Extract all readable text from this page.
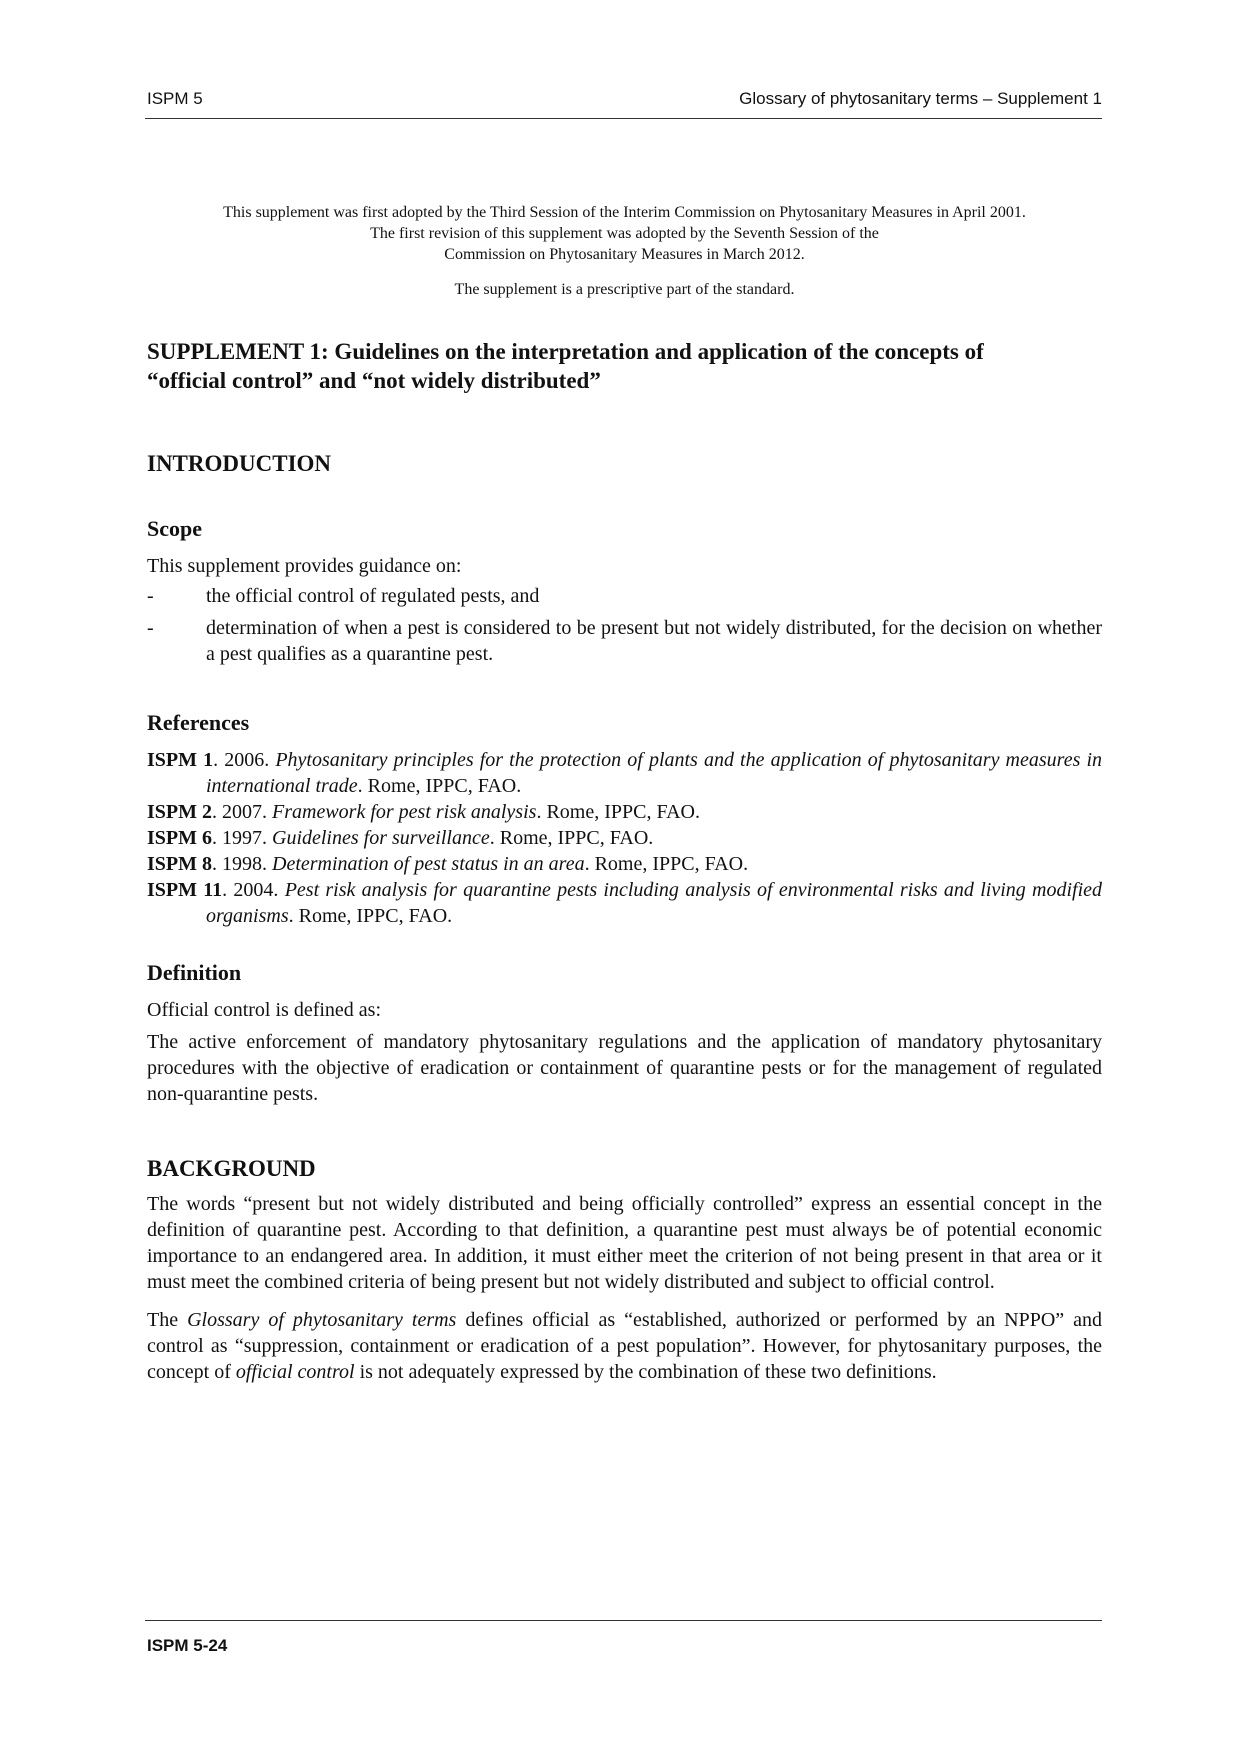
ISPM 5	Glossary of phytosanitary terms – Supplement 1

This supplement was first adopted by the Third Session of the Interim Commission on Phytosanitary Measures in April 2001.

The first revision of this supplement was adopted by the Seventh Session of the

Commission on Phytosanitary Measures in March 2012.

The supplement is a prescriptive part of the standard.

SUPPLEMENT 1: Guidelines on the interpretation and application of the concepts of
“official control” and “not widely distributed”
INTRODUCTION
Scope

This supplement provides guidance on:

-	the official control of regulated pests, and
-	determination of when a pest is considered to be present but not widely distributed, for the decision on whether a pest qualifies as a quarantine pest.
References

ISPM 1. 2006. Phytosanitary principles for the protection of plants and the application of phytosanitary measures in international trade. Rome, IPPC, FAO.

ISPM 2. 2007. Framework for pest risk analysis. Rome, IPPC, FAO.

ISPM 6. 1997. Guidelines for surveillance. Rome, IPPC, FAO.

ISPM 8. 1998. Determination of pest status in an area. Rome, IPPC, FAO.

ISPM 11. 2004. Pest risk analysis for quarantine pests including analysis of environmental risks and living modified organisms. Rome, IPPC, FAO.

Definition

Official control is defined as:

The active enforcement of mandatory phytosanitary regulations and the application of mandatory phytosanitary procedures with the objective of eradication or containment of quarantine pests or for the management of regulated non-quarantine pests.

BACKGROUND

The words “present but not widely distributed and being officially controlled” express an essential concept in the definition of quarantine pest. According to that definition, a quarantine pest must always be of potential economic importance to an endangered area. In addition, it must either meet the criterion of not being present in that area or it must meet the combined criteria of being present but not widely distributed and subject to official control.

The Glossary of phytosanitary terms defines official as “established, authorized or performed by an NPPO” and control as “suppression, containment or eradication of a pest population”. However, for phytosanitary purposes, the concept of official control is not adequately expressed by the combination of these two definitions.

ISPM 5-24
